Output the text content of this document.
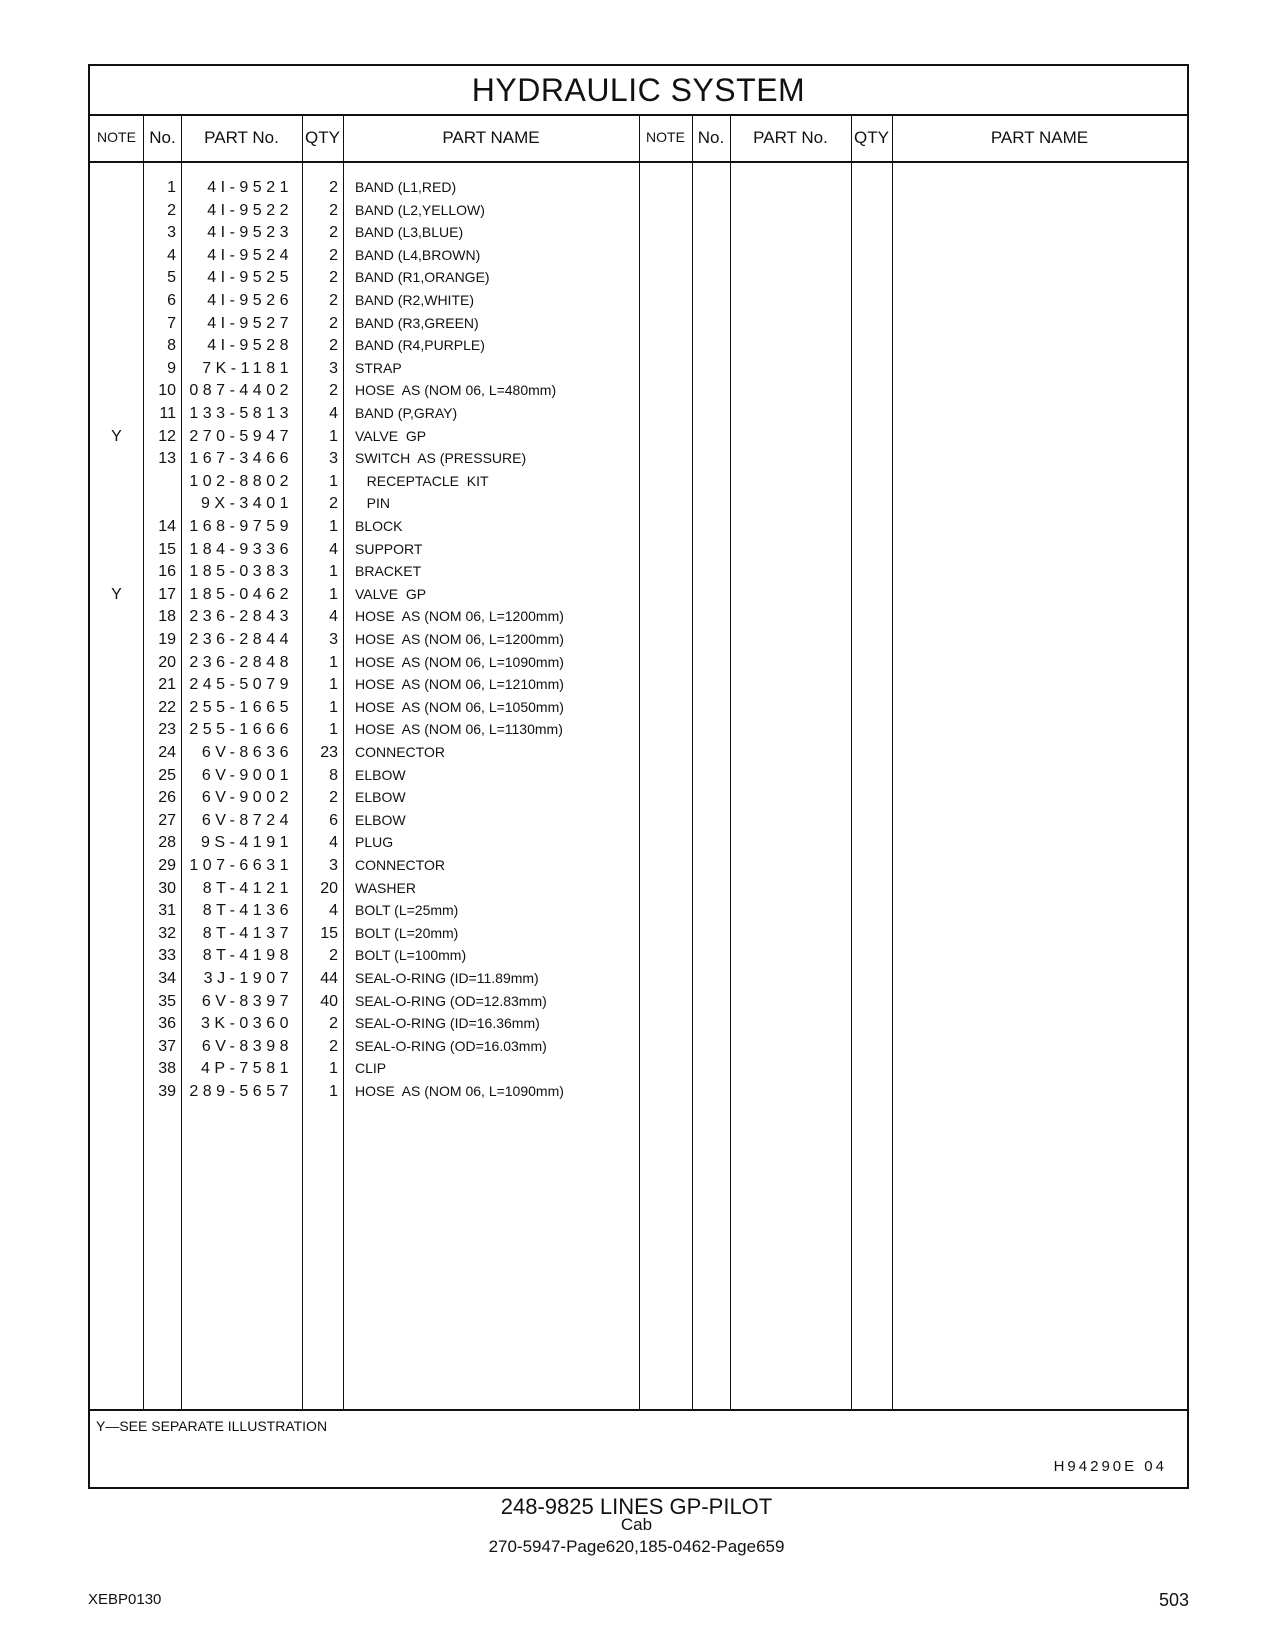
HYDRAULIC SYSTEM
NOTE No.	PART No.	QTY	PART NAME	NOTE No.	PART No.	QTY	PART NAME
1	4I-9521	2 BAND (L1,RED)
2	4I-9522	2 BAND (L2,YELLOW)
3	4I-9523	2 BAND (L3,BLUE)
4	4I-9524	2 BAND (L4,BROWN)
5	4I-9525	2 BAND (R1,ORANGE)
6	4I-9526	2 BAND (R2,WHITE)
7	4I-9527	2 BAND (R3,GREEN)
8	4I-9528	2 BAND (R4,PURPLE)
9	7K-1181	3 STRAP
10 087-4402	2 HOSE  AS (NOM 06, L=480mm)
11 133-5813	4 BAND (P,GRAY)
Y	12 270-5947	1 VALVE  GP
13 167-3466	3 SWITCH  AS (PRESSURE)
102-8802	1 RECEPTACLE  KIT
9X-3401	2 PIN
14 168-9759	1 BLOCK
15 184-9336	4 SUPPORT
16 185-0383	1 BRACKET
Y	17 185-0462	1 VALVE  GP
18 236-2843	4 HOSE  AS (NOM 06, L=1200mm)
19 236-2844	3 HOSE  AS (NOM 06, L=1200mm)
20 236-2848	1 HOSE  AS (NOM 06, L=1090mm)
21 245-5079	1 HOSE  AS (NOM 06, L=1210mm)
22 255-1665	1 HOSE  AS (NOM 06, L=1050mm)
23 255-1666	1 HOSE  AS (NOM 06, L=1130mm)
24	6V-8636	23 CONNECTOR
25	6V-9001	8 ELBOW
26	6V-9002	2 ELBOW
27	6V-8724	6 ELBOW
28	9S-4191	4 PLUG
29 107-6631	3 CONNECTOR
30	8T-4121	20 WASHER
31	8T-4136	4 BOLT (L=25mm)
32	8T-4137	15 BOLT (L=20mm)
33	8T-4198	2 BOLT (L=100mm)
34	3J-1907	44 SEAL-O-RING (ID=11.89mm)
35	6V-8397	40 SEAL-O-RING (OD=12.83mm)
36	3K-0360	2 SEAL-O-RING (ID=16.36mm)
37	6V-8398	2 SEAL-O-RING (OD=16.03mm)
38	4P-7581	1 CLIP
39 289-5657	1 HOSE  AS (NOM 06, L=1090mm)
Y—SEE SEPARATE ILLUSTRATION
H94290E 04
248-9825 LINES GP-PILOT
Cab
270-5947-Page620,185-0462-Page659
XEBP0130	503
